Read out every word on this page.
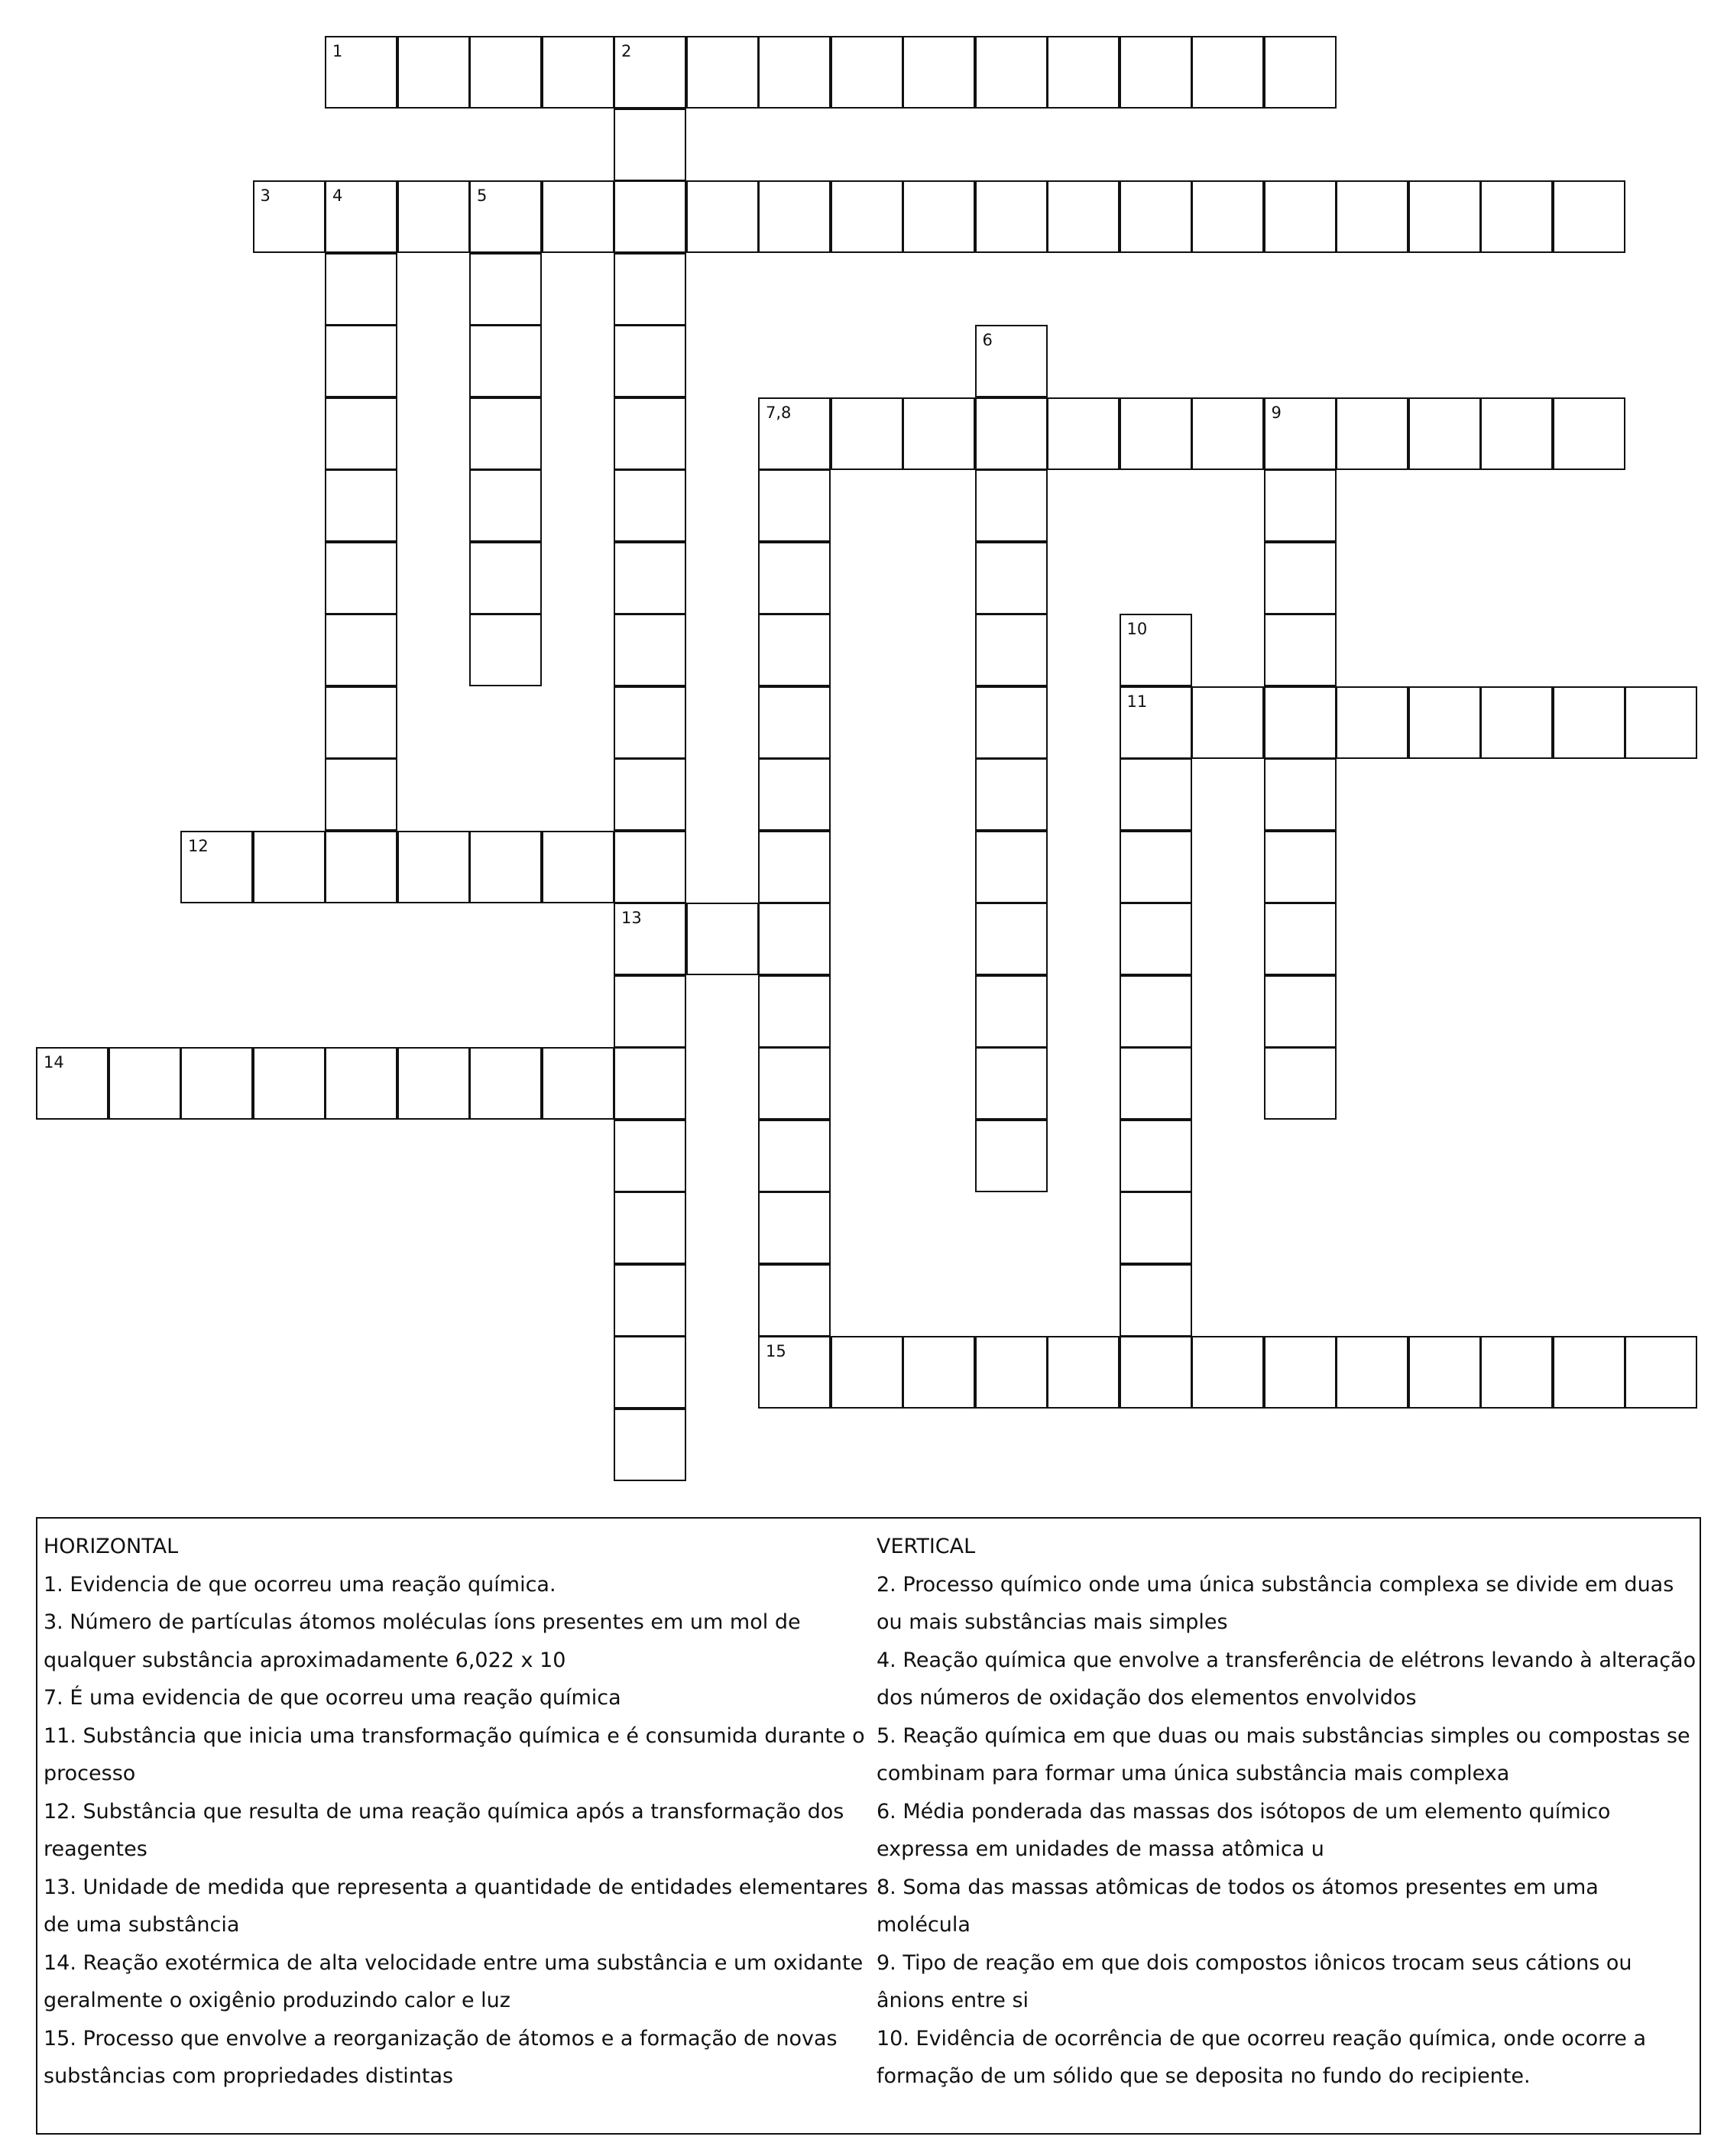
1	2
13
3	4	5
6
7,8	9
15
10
11
12
14
HORIZONTAL
1. Evidencia de que ocorreu uma reação química.
3. Número de partículas átomos moléculas íons presentes em um mol de qualquer substância aproximadamente 6,022 x 10
7. É uma evidencia de que ocorreu uma reação química
11. Substância que inicia uma transformação química e é consumida durante o processo
12. Substância que resulta de uma reação química após a transformação dos reagentes
13. Unidade de medida que representa a quantidade de entidades elementares de uma substância
14. Reação exotérmica de alta velocidade entre uma substância e um oxidante geralmente o oxigênio produzindo calor e luz
15. Processo que envolve a reorganização de átomos e a formação de novas substâncias com propriedades distintas
VERTICAL
2. Processo químico onde uma única substância complexa se divide em duas ou mais substâncias mais simples
4. Reação química que envolve a transferência de elétrons levando à alteração dos números de oxidação dos elementos envolvidos
5. Reação química em que duas ou mais substâncias simples ou compostas se combinam para formar uma única substância mais complexa
6. Média ponderada das massas dos isótopos de um elemento químico expressa em unidades de massa atômica u
8. Soma das massas atômicas de todos os átomos presentes em uma molécula
9. Tipo de reação em que dois compostos iônicos trocam seus cátions ou ânions entre si
10. Evidência de ocorrência de que ocorreu reação química, onde ocorre a formação de um sólido que se deposita no fundo do recipiente.
